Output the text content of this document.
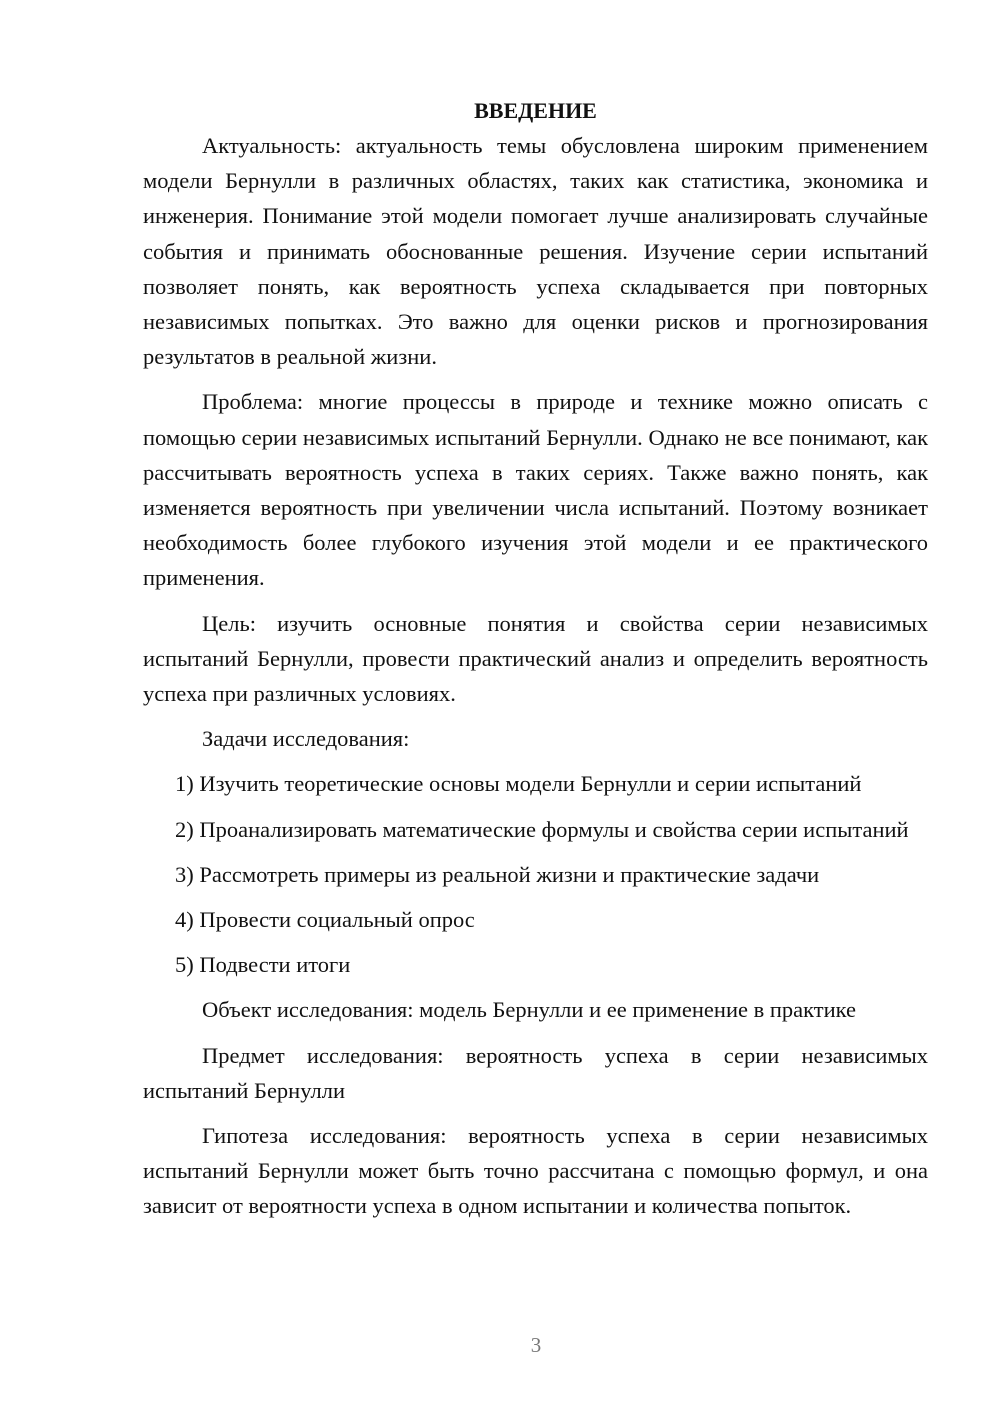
ВВЕДЕНИЕ

Актуальность: актуальность темы обусловлена широким применением модели Бернулли в различных областях, таких как статистика, экономика и инженерия. Понимание этой модели помогает лучше анализировать случайные события и принимать обоснованные решения. Изучение серии испытаний позволяет понять, как вероятность успеха складывается при повторных независимых попытках. Это важно для оценки рисков и прогнозирования результатов в реальной жизни.

Проблема: многие процессы в природе и технике можно описать с помощью серии независимых испытаний Бернулли. Однако не все понимают, как рассчитывать вероятность успеха в таких сериях. Также важно понять, как изменяется вероятность при увеличении числа испытаний. Поэтому возникает необходимость более глубокого изучения этой модели и ее практического применения.

Цель: изучить основные понятия и свойства серии независимых испытаний Бернулли, провести практический анализ и определить вероятность успеха при различных условиях.

Задачи исследования:

1) Изучить теоретические основы модели Бернулли и серии испытаний

2) Проанализировать математические формулы и свойства серии испытаний

3) Рассмотреть примеры из реальной жизни и практические задачи

4) Провести социальный опрос

5) Подвести итоги

Объект исследования: модель Бернулли и ее применение в практике

Предмет исследования: вероятность успеха в серии независимых испытаний Бернулли

Гипотеза исследования: вероятность успеха в серии независимых испытаний Бернулли может быть точно рассчитана с помощью формул, и она зависит от вероятности успеха в одном испытании и количества попыток.

3
